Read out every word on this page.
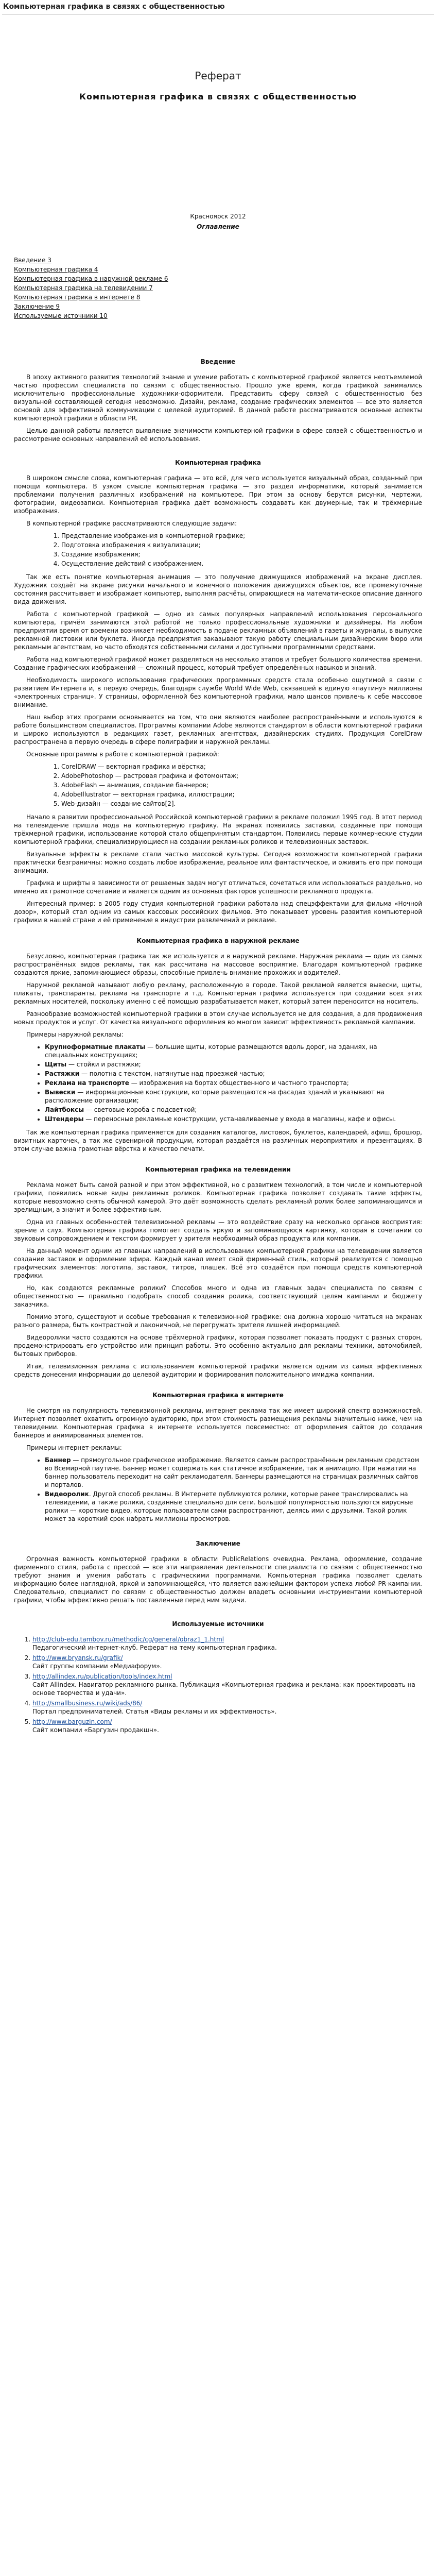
Компьютерная графика в связях с общественностью
Реферат
Компьютерная графика в связях с общественностью
Красноярск 2012
Оглавление
Введение 3
Компьютерная графика 4
Компьютерная графика в наружной рекламе 6
Компьютерная графика на телевидении 7
Компьютерная графика в интернете 8
Заключение 9
Используемые источники 10
Введение

В эпоху активного развития технологий знание и умение работать с компьютерной графикой является неотъемлемой частью профессии специалиста по связям с общественностью. Прошло уже время, когда графикой занимались исключительно профессиональные художники-оформители. Представить сферу связей с общественностью без визуальной составляющей сегодня невозможно. Дизайн, реклама, создание графических элементов — все это является основой для эффективной коммуникации с целевой аудиторией. В данной работе рассматриваются основные аспекты компьютерной графики в области PR.

Целью данной работы является выявление значимости компьютерной графики в сфере связей с общественностью и рассмотрение основных направлений её использования.

Компьютерная графика

В широком смысле слова, компьютерная графика — это всё, для чего используется визуальный образ, созданный при помощи компьютера. В узком смысле компьютерная графика — это раздел информатики, который занимается проблемами получения различных изображений на компьютере. При этом за основу берутся рисунки, чертежи, фотографии, видеозаписи. Компьютерная графика даёт возможность создавать как двумерные, так и трёхмерные изображения.

В компьютерной графике рассматриваются следующие задачи:

1. Представление изображения в компьютерной графике;
2. Подготовка изображения к визуализации;
3. Создание изображения;
4. Осуществление действий с изображением.

Так же есть понятие компьютерная анимация — это получение движущихся изображений на экране дисплея. Художник создаёт на экране рисунки начального и конечного положения движущихся объектов, все промежуточные состояния рассчитывает и изображает компьютер, выполняя расчёты, опирающиеся на математическое описание данного вида движения.

Работа с компьютерной графикой — одно из самых популярных направлений использования персонального компьютера, причём занимаются этой работой не только профессиональные художники и дизайнеры. На любом предприятии время от времени возникает необходимость в подаче рекламных объявлений в газеты и журналы, в выпуске рекламной листовки или буклета. Иногда предприятия заказывают такую работу специальным дизайнерским бюро или рекламным агентствам, но часто обходятся собственными силами и доступными программными средствами.

Работа над компьютерной графикой может разделяться на несколько этапов и требует большого количества времени. Создание графических изображений — сложный процесс, который требует определённых навыков и знаний.

Необходимость широкого использования графических программных средств стала особенно ощутимой в связи с развитием Интернета и, в первую очередь, благодаря службе World Wide Web, связавшей в единую «паутину» миллионы «электронных страниц». У страницы, оформленной без компьютерной графики, мало шансов привлечь к себе массовое внимание.

Наш выбор этих программ основывается на том, что они являются наиболее распространёнными и используются в работе большинством специалистов. Программы компании Adobe являются стандартом в области компьютерной графики и широко используются в редакциях газет, рекламных агентствах, дизайнерских студиях. Продукция CorelDraw распространена в первую очередь в сфере полиграфии и наружной рекламы.

Основные программы в работе с компьютерной графикой:

1. CorelDRAW — векторная графика и вёрстка;
2. AdobePhotoshop — растровая графика и фотомонтаж;
3. AdobeFlash — анимация, создание баннеров;
4. AdobeIllustrator — векторная графика, иллюстрации;
5. Web-дизайн — создание сайтов[2].

Начало в развитии профессиональной Российской компьютерной графики в рекламе положил 1995 год. В этот период на телевидение пришла мода на компьютерную графику. На экранах появились заставки, созданные при помощи трёхмерной графики, использование которой стало общепринятым стандартом. Появились первые коммерческие студии компьютерной графики, специализирующиеся на создании рекламных роликов и телевизионных заставок.

Визуальные эффекты в рекламе стали частью массовой культуры. Сегодня возможности компьютерной графики практически безграничны: можно создать любое изображение, реальное или фантастическое, и оживить его при помощи анимации.

Графика и шрифты в зависимости от решаемых задач могут отличаться, сочетаться или использоваться раздельно, но именно их грамотное сочетание и является одним из основных факторов успешности рекламного продукта.

Интересный пример: в 2005 году студия компьютерной графики работала над спецэффектами для фильма «Ночной дозор», который стал одним из самых кассовых российских фильмов. Это показывает уровень развития компьютерной графики в нашей стране и её применение в индустрии развлечений и рекламе.

Компьютерная графика в наружной рекламе

Безусловно, компьютерная графика так же используется и в наружной рекламе. Наружная реклама — один из самых распространённых видов рекламы, так как рассчитана на массовое восприятие. Благодаря компьютерной графике создаются яркие, запоминающиеся образы, способные привлечь внимание прохожих и водителей.

Наружной рекламой называют любую рекламу, расположенную в городе. Такой рекламой является вывески, щиты, плакаты, транспаранты, реклама на транспорте и т.д. Компьютерная графика используется при создании всех этих рекламных носителей, поскольку именно с её помощью разрабатывается макет, который затем переносится на носитель.

Разнообразие возможностей компьютерной графики в этом случае используется не для создания, а для продвижения новых продуктов и услуг. От качества визуального оформления во многом зависит эффективность рекламной кампании.

Примеры наружной рекламы:

• Крупноформатные плакаты — большие щиты, которые размещаются вдоль дорог, на зданиях, на специальных конструкциях;
• Щиты — стойки и растяжки;
• Растяжки — полотна с текстом, натянутые над проезжей частью;
• Реклама на транспорте — изображения на бортах общественного и частного транспорта;
• Вывески — информационные конструкции, которые размещаются на фасадах зданий и указывают на расположение организации;
• Лайтбоксы — световые короба с подсветкой;
• Штендеры — переносные рекламные конструкции, устанавливаемые у входа в магазины, кафе и офисы.

Так же компьютерная графика применяется для создания каталогов, листовок, буклетов, календарей, афиш, брошюр, визитных карточек, а так же сувенирной продукции, которая раздаётся на различных мероприятиях и презентациях. В этом случае важна грамотная вёрстка и качество печати.

Компьютерная графика на телевидении

Реклама может быть самой разной и при этом эффективной, но с развитием технологий, в том числе и компьютерной графики, появились новые виды рекламных роликов. Компьютерная графика позволяет создавать такие эффекты, которые невозможно снять обычной камерой. Это даёт возможность сделать рекламный ролик более запоминающимся и зрелищным, а значит и более эффективным.

Одна из главных особенностей телевизионной рекламы — это воздействие сразу на несколько органов восприятия: зрение и слух. Компьютерная графика помогает создать яркую и запоминающуюся картинку, которая в сочетании со звуковым сопровождением и текстом формирует у зрителя необходимый образ продукта или компании.

На данный момент одним из главных направлений в использовании компьютерной графики на телевидении является создание заставок и оформление эфира. Каждый канал имеет свой фирменный стиль, который реализуется с помощью графических элементов: логотипа, заставок, титров, плашек. Всё это создаётся при помощи средств компьютерной графики.

Но, как создаются рекламные ролики? Способов много и одна из главных задач специалиста по связям с общественностью — правильно подобрать способ создания ролика, соответствующий целям кампании и бюджету заказчика.

Помимо этого, существуют и особые требования к телевизионной графике: она должна хорошо читаться на экранах разного размера, быть контрастной и лаконичной, не перегружать зрителя лишней информацией.

Видеоролики часто создаются на основе трёхмерной графики, которая позволяет показать продукт с разных сторон, продемонстрировать его устройство или принцип работы. Это особенно актуально для рекламы техники, автомобилей, бытовых приборов.

Итак, телевизионная реклама с использованием компьютерной графики является одним из самых эффективных средств донесения информации до целевой аудитории и формирования положительного имиджа компании.

Компьютерная графика в интернете

Не смотря на популярность телевизионной рекламы, интернет реклама так же имеет широкий спектр возможностей. Интернет позволяет охватить огромную аудиторию, при этом стоимость размещения рекламы значительно ниже, чем на телевидении. Компьютерная графика в интернете используется повсеместно: от оформления сайтов до создания баннеров и анимированных элементов.

Примеры интернет-рекламы:

• Баннер — прямоугольное графическое изображение. Является самым распространённым рекламным средством во Всемирной паутине. Баннер может содержать как статичное изображение, так и анимацию. При нажатии на баннер пользователь переходит на сайт рекламодателя. Баннеры размещаются на страницах различных сайтов и порталов.
• Видеоролик. Другой способ рекламы. В Интернете публикуются ролики, которые ранее транслировались на телевидении, а также ролики, созданные специально для сети. Большой популярностью пользуются вирусные ролики — короткие видео, которые пользователи сами распространяют, делясь ими с друзьями. Такой ролик может за короткий срок набрать миллионы просмотров.
Заключение

Огромная важность компьютерной графики в области PublicRelations очевидна. Реклама, оформление, создание фирменного стиля, работа с прессой — все эти направления деятельности специалиста по связям с общественностью требуют знания и умения работать с графическими программами. Компьютерная графика позволяет сделать информацию более наглядной, яркой и запоминающейся, что является важнейшим фактором успеха любой PR-кампании. Следовательно, специалист по связям с общественностью должен владеть основными инструментами компьютерной графики, чтобы эффективно решать поставленные перед ним задачи.

Используемые источники
1. http://club-edu.tambov.ru/methodic/cg/general/obraz1_1.html
Педагогический интернет-клуб. Реферат на тему компьютерная графика.
2. http://www.bryansk.ru/grafik/
Сайт группы компании «Медиафорум».
3. http://allindex.ru/publication/tools/index.html
Сайт Allindex. Навигатор рекламного рынка. Публикация «Компьютерная графика и реклама: как проектировать на основе творчества и удачи».
4. http://smallbusiness.ru/wiki/ads/86/
Портал предпринимателей. Статья «Виды рекламы и их эффективность».
5. http://www.barguzin.com/
Сайт компании «Баргузин продакшн».
